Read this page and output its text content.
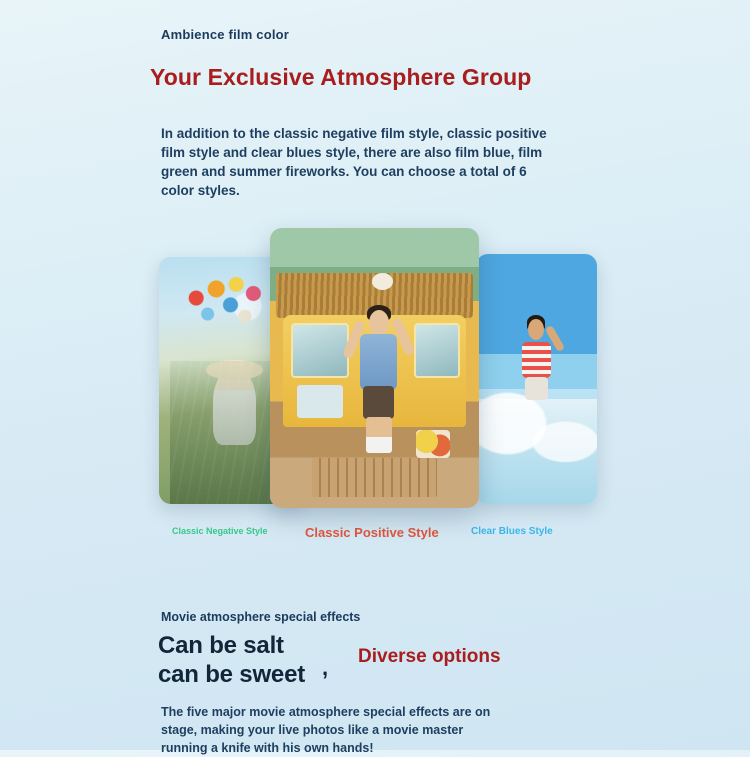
Ambience film color
Your Exclusive Atmosphere Group
In addition to the classic negative film style, classic positive film style and clear blues style, there are also film blue, film green and summer fireworks. You can choose a total of 6 color styles.
Classic Negative Style	Classic Positive Style	Clear Blues Style
Movie atmosphere special effects
Can be salt
can be sweet , Diverse options
The five major movie atmosphere special effects are on stage, making your live photos like a movie master running a knife with his own hands!
